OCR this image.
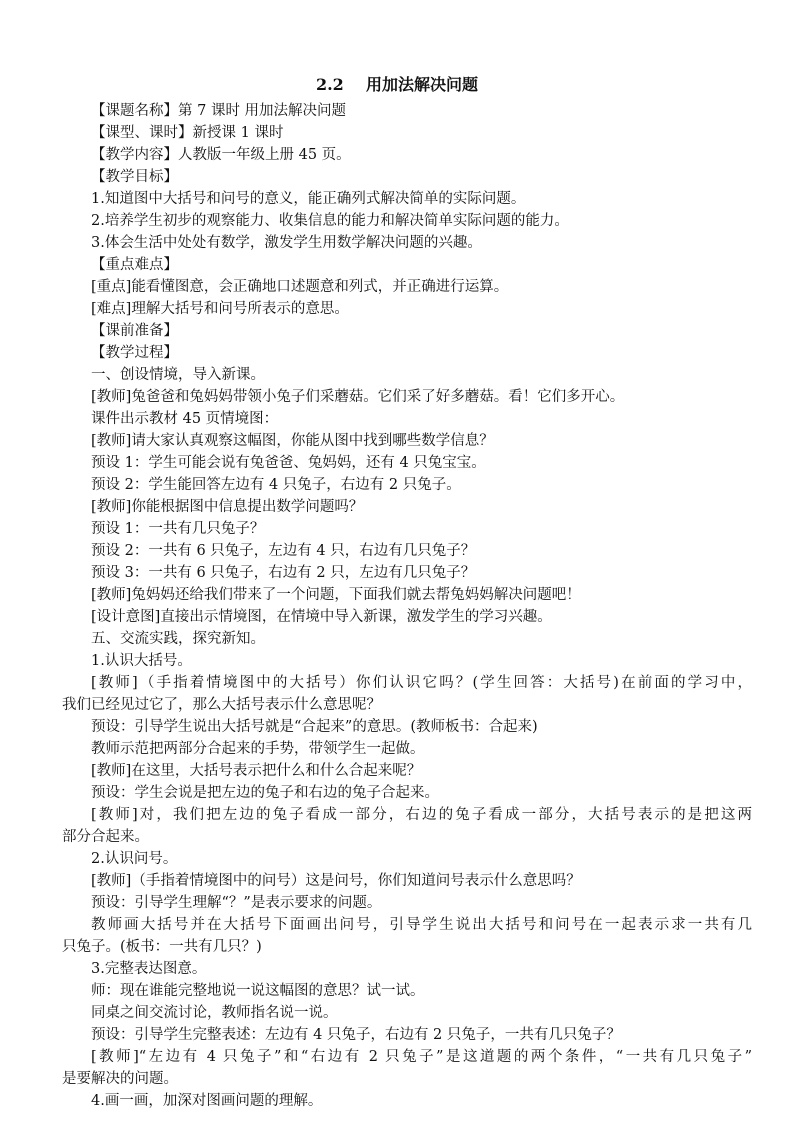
2.2    用加法解决问题
【课题名称】第 7 课时 用加法解决问题
【课型、课时】新授课 1 课时
【教学内容】人教版一年级上册 45 页。
【教学目标】
1.知道图中大括号和问号的意义，能正确列式解决简单的实际问题。
2.培养学生初步的观察能力、收集信息的能力和解决简单实际问题的能力。
3.体会生活中处处有数学，激发学生用数学解决问题的兴趣。
【重点难点】
[重点]能看懂图意，会正确地口述题意和列式，并正确进行运算。
[难点]理解大括号和问号所表示的意思。
【课前准备】
【教学过程】
一、创设情境，导入新课。
[教师]兔爸爸和兔妈妈带领小兔子们采蘑菇。它们采了好多蘑菇。看！它们多开心。
课件出示教材 45 页情境图：
[教师]请大家认真观察这幅图，你能从图中找到哪些数学信息？
预设 1：学生可能会说有兔爸爸、兔妈妈，还有 4 只兔宝宝。
预设 2：学生能回答左边有 4 只兔子，右边有 2 只兔子。
[教师]你能根据图中信息提出数学问题吗？
预设 1：一共有几只兔子？
预设 2：一共有 6 只兔子，左边有 4 只，右边有几只兔子？
预设 3：一共有 6 只兔子，右边有 2 只，左边有几只兔子？
[教师]兔妈妈还给我们带来了一个问题，下面我们就去帮兔妈妈解决问题吧！
[设计意图]直接出示情境图，在情境中导入新课，激发学生的学习兴趣。
五、交流实践，探究新知。
1.认识大括号。
[教师]（手指着情境图中的大括号）你们认识它吗？(学生回答：大括号)在前面的学习中，
我们已经见过它了，那么大括号表示什么意思呢？
预设：引导学生说出大括号就是“合起来”的意思。(教师板书：合起来)
教师示范把两部分合起来的手势，带领学生一起做。
[教师]在这里，大括号表示把什么和什么合起来呢？
预设：学生会说是把左边的兔子和右边的兔子合起来。
[教师]对，我们把左边的兔子看成一部分，右边的兔子看成一部分，大括号表示的是把这两
部分合起来。
2.认识问号。
[教师]（手指着情境图中的问号）这是问号，你们知道问号表示什么意思吗？
预设：引导学生理解“？”是表示要求的问题。
教师画大括号并在大括号下面画出问号，引导学生说出大括号和问号在一起表示求一共有几
只兔子。(板书：一共有几只？)
3.完整表达图意。
师：现在谁能完整地说一说这幅图的意思？试一试。
同桌之间交流讨论，教师指名说一说。
预设：引导学生完整表述：左边有 4 只兔子，右边有 2 只兔子，一共有几只兔子？
[教师]“左边有 4 只兔子”和“右边有 2 只兔子”是这道题的两个条件，“一共有几只兔子”
是要解决的问题。
4.画一画，加深对图画问题的理解。
